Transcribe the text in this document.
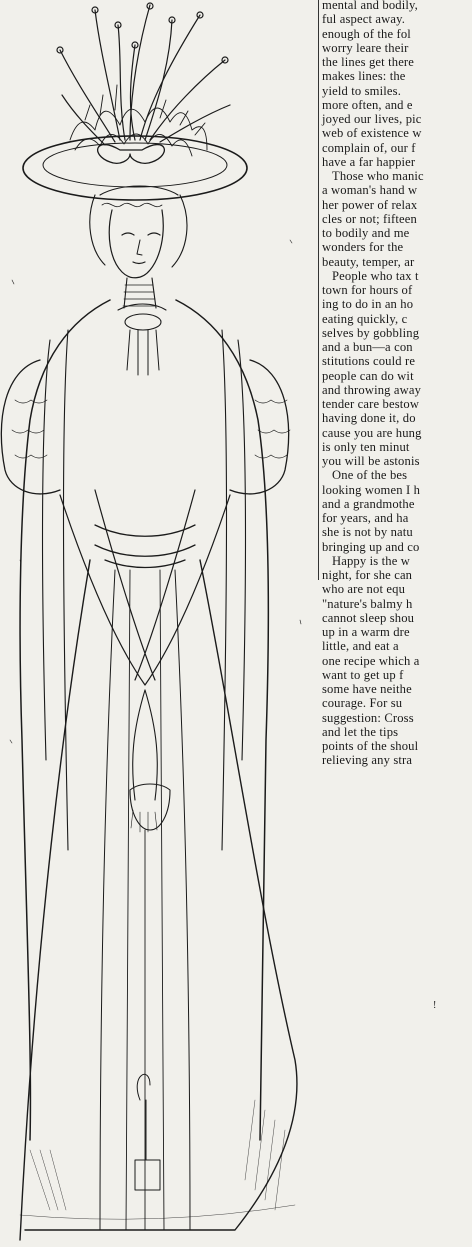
mental and bodily,
ful aspect away.
enough of the fol
worry leare their
the lines get there
makes lines: the
yield to smiles.
more often, and e
joyed our lives, pic
web of existence w
complain of, our f
have a far happier
Those who manic
a woman's hand w
her power of relax
cles or not; fifteen
to bodily and me
wonders for the
beauty, temper, ar
People who tax t
town for hours of
ing to do in an ho
eating quickly, c
selves by gobbling
and a bun—a con
stitutions could re
people can do wit
and throwing away
tender care bestow
having done it, do
cause you are hung
is only ten minut
you will be astonis
One of the bes
looking women I h
and a grandmothe
for years, and ha
she is not by natu
bringing up and co
Happy is the w
night, for she can
who are not equ
"nature's balmy h
cannot sleep shou
up in a warm dre
little, and eat a
one recipe which a
want to get up f
some have neithe
courage. For su
suggestion: Cross
and let the tips
points of the shoul
relieving any stra
!
